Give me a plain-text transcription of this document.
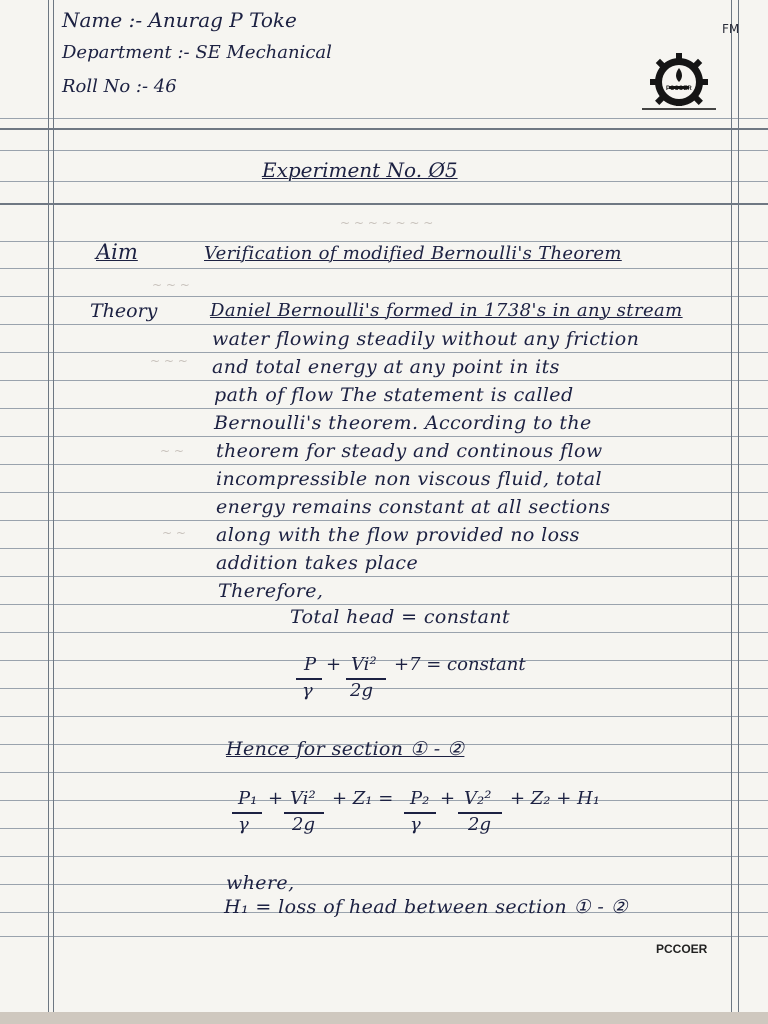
~ ~ ~
~ ~ ~
~ ~
~ ~
~ ~ ~ ~ ~ ~ ~
Name :- Anurag P Toke
Department :- SE Mechanical
Roll No :- 46
FM
PCCOER
Experiment No. Ø5
Aim	Verification of modified Bernoulli's Theorem
Theory	Daniel Bernoulli's formed in 1738's in any stream
water flowing steadily without any friction
and total energy at any point in its
path of flow The statement is called
Bernoulli's theorem. According to the
theorem for steady and continous flow
incompressible non viscous fluid, total
energy remains constant at all sections
along with the flow provided no loss
addition takes place
Therefore,
Total head = constant
P + Vi² +7 = constant
γ 2g
Hence for section ① - ②
P₁ + Vi² + Z₁ = P₂ + V₂² + Z₂ + H₁
γ 2g	γ	2g
where,
H₁ = loss of head between section ① - ②
PCCOER
